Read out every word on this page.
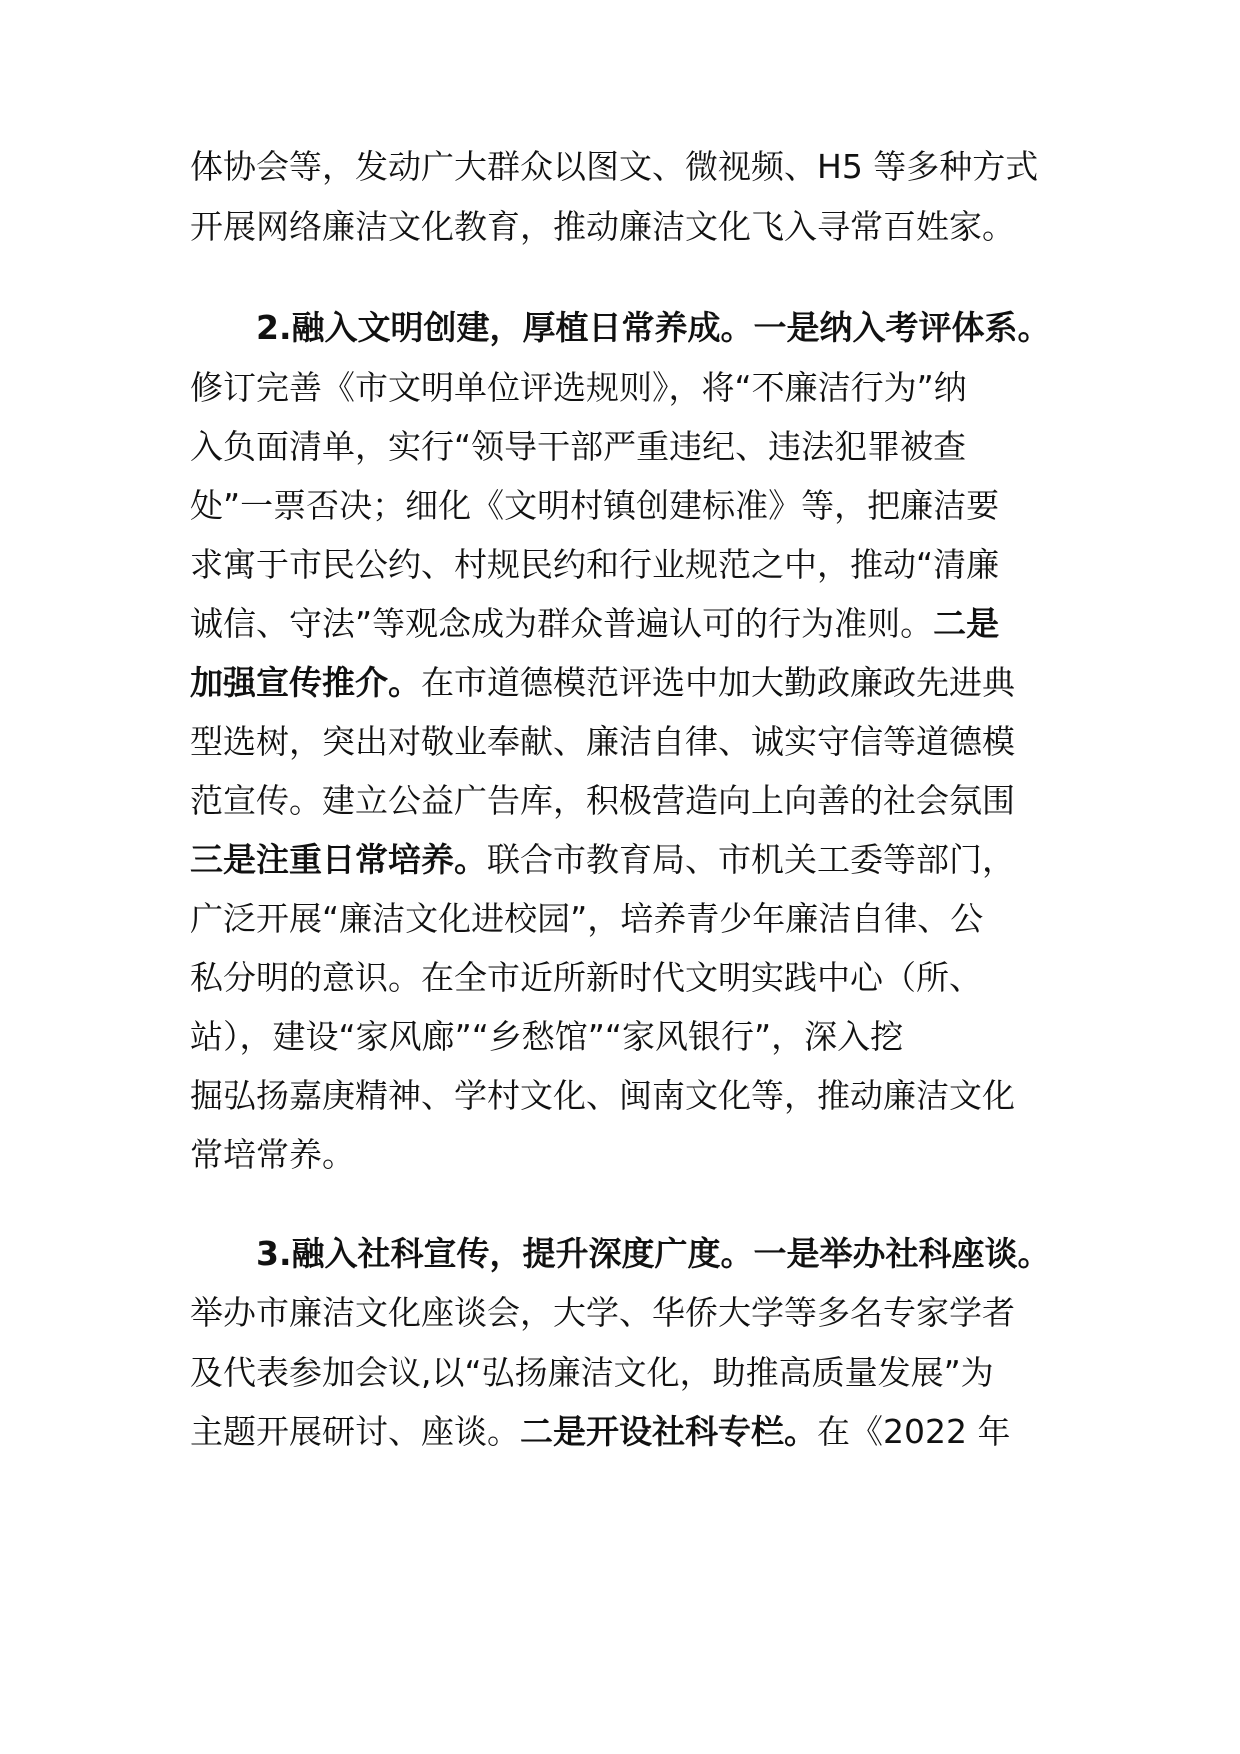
体协会等，发动广大群众以图文、微视频、H5 等多种方式
开展网络廉洁文化教育，推动廉洁文化飞入寻常百姓家。
2.融入文明创建，厚植日常养成。一是纳入考评体系。
修订完善《市文明单位评选规则》，将“不廉洁行为”纳
入负面清单，实行“领导干部严重违纪、违法犯罪被查
处”一票否决；细化《文明村镇创建标准》等，把廉洁要
求寓于市民公约、村规民约和行业规范之中，推动“清廉
诚信、守法”等观念成为群众普遍认可的行为准则。二是
加强宣传推介。在市道德模范评选中加大勤政廉政先进典
型选树，突出对敬业奉献、廉洁自律、诚实守信等道德模
范宣传。建立公益广告库，积极营造向上向善的社会氛围
三是注重日常培养。联合市教育局、市机关工委等部门，
广泛开展“廉洁文化进校园”，培养青少年廉洁自律、公
私分明的意识。在全市近所新时代文明实践中心（所、
站），建设“家风廊”“乡愁馆”“家风银行”，深入挖
掘弘扬嘉庚精神、学村文化、闽南文化等，推动廉洁文化
常培常养。
3.融入社科宣传，提升深度广度。一是举办社科座谈。
举办市廉洁文化座谈会，大学、华侨大学等多名专家学者
及代表参加会议,以“弘扬廉洁文化，助推高质量发展”为
主题开展研讨、座谈。二是开设社科专栏。在《2022 年
